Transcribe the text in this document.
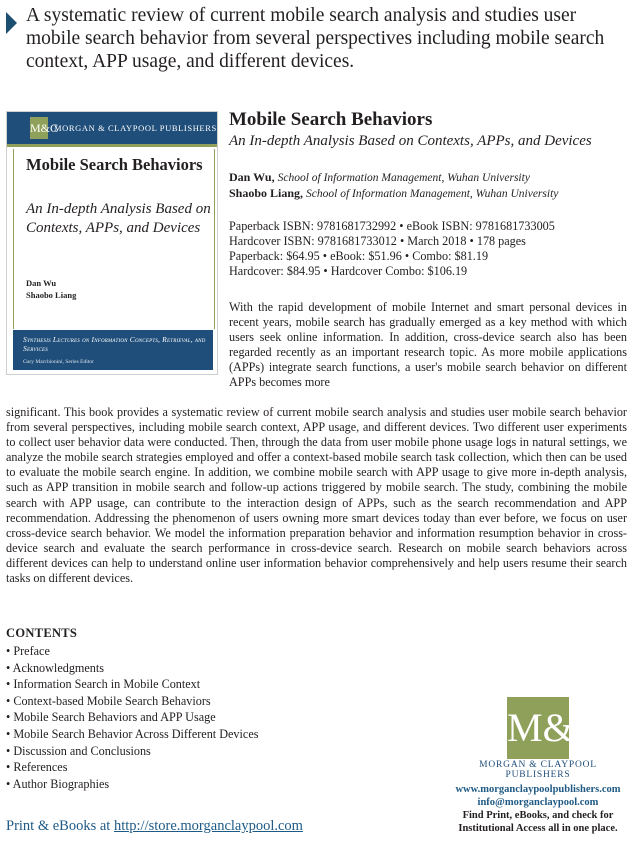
A systematic review of current mobile search analysis and studies user mobile search behavior from several perspectives including mobile search context, APP usage, and different devices.
M&C
MORGAN & CLAYPOOL PUBLISHERS
Mobile Search Behaviors
An In-depth Analysis Based on Contexts, APPs, and Devices
Dan Wu
Shaobo Liang
Synthesis Lectures on Information Concepts, Retrieval, and Services
Gary Marchionini, Series Editor
Mobile Search Behaviors
An In-depth Analysis Based on Contexts, APPs, and Devices
Dan Wu, School of Information Management, Wuhan University
Shaobo Liang, School of Information Management, Wuhan University
Paperback ISBN: 9781681732992 • eBook ISBN: 9781681733005
Hardcover ISBN: 9781681733012 • March 2018 • 178 pages
Paperback: $64.95 • eBook: $51.96 • Combo: $81.19
Hardcover: $84.95 • Hardcover Combo: $106.19
With the rapid development of mobile Internet and smart personal devices in recent years, mobile search has gradually emerged as a key method with which users seek online information. In addition, cross-device search also has been regarded recently as an important research topic. As more mobile applications (APPs) integrate search functions, a user's mobile search behavior on different APPs becomes more
significant. This book provides a systematic review of current mobile search analysis and studies user mobile search behavior from several perspectives, including mobile search context, APP usage, and different devices. Two different user experiments to collect user behavior data were conducted. Then, through the data from user mobile phone usage logs in natural settings, we analyze the mobile search strategies employed and offer a context-based mobile search task collection, which then can be used to evaluate the mobile search engine. In addition, we combine mobile search with APP usage to give more in-depth analysis, such as APP transition in mobile search and follow-up actions triggered by mobile search. The study, combining the mobile search with APP usage, can contribute to the interaction design of APPs, such as the search recommendation and APP recommendation. Addressing the phenomenon of users owning more smart devices today than ever before, we focus on user cross-device search behavior. We model the information preparation behavior and information resumption behavior in cross-device search and evaluate the search performance in cross-device search. Research on mobile search behaviors across different devices can help to understand online user information behavior comprehensively and help users resume their search tasks on different devices.
CONTENTS
• Preface
• Acknowledgments
• Information Search in Mobile Context
• Context-based Mobile Search Behaviors
• Mobile Search Behaviors and APP Usage
• Mobile Search Behavior Across Different Devices
• Discussion and Conclusions
• References
• Author Biographies
Print & eBooks at http://store.morganclaypool.com
M&C
MORGAN & CLAYPOOL
PUBLISHERS
www.morganclaypoolpublishers.com
info@morganclaypool.com
Find Print, eBooks, and check for
Institutional Access all in one place.
